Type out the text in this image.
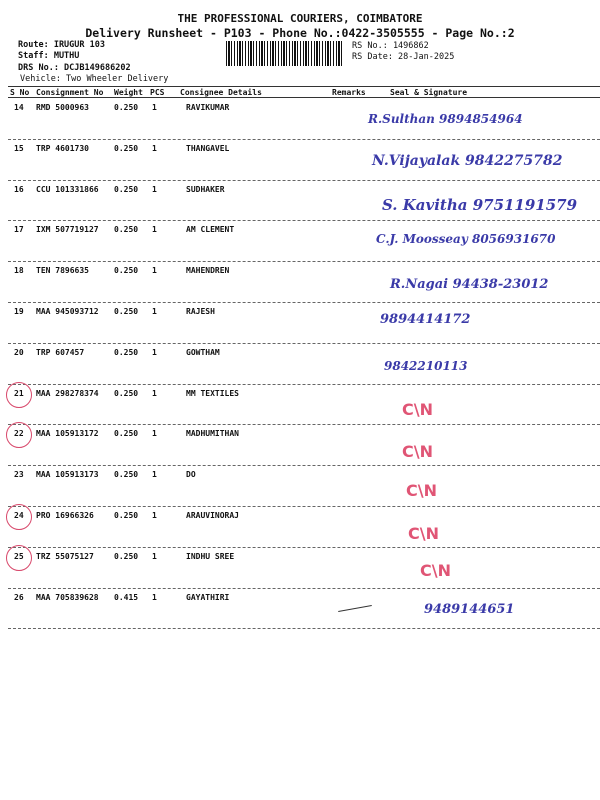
THE PROFESSIONAL COURIERS, COIMBATORE
Delivery Runsheet - P103 - Phone No.:0422-3505555 - Page No.:2
Route: IRUGUR 103
Staff: MUTHU
DRS No.: DCJB149686202
Vehicle: Two Wheeler Delivery
RS No.: 1496862
RS Date: 28-Jan-2025
S No Consignment No Weight PCS Consignee Details	Remarks	Seal & Signature
14 RMD 5000963	0.250 1	RAVIKUMAR
R.Sulthan 9894854964
15 TRP 4601730	0.250 1	THANGAVEL
N.Vijayalak 9842275782
16 CCU 101331866 0.250 1	SUDHAKER
S. Kavitha 9751191579
17 IXM 507719127 0.250 1	AM CLEMENT
C.J. Moosseay 8056931670
18 TEN 7896635	0.250 1	MAHENDREN
R.Nagai 94438-23012
19 MAA 945093712 0.250 1	RAJESH
9894414172
20 TRP 607457	0.250 1	GOWTHAM
9842210113
21 MAA 298278374 0.250 1	MM TEXTILES
C\N
22 MAA 105913172 0.250 1	MADHUMITHAN
C\N
23 MAA 105913173 0.250 1	DO
C\N
24 PRO 16966326	0.250 1	ARAUVINORAJ
C\N
25 TRZ 55075127	0.250 1	INDHU SREE
C\N
26 MAA 705839628 0.415 1	GAYATHIRI
9489144651
